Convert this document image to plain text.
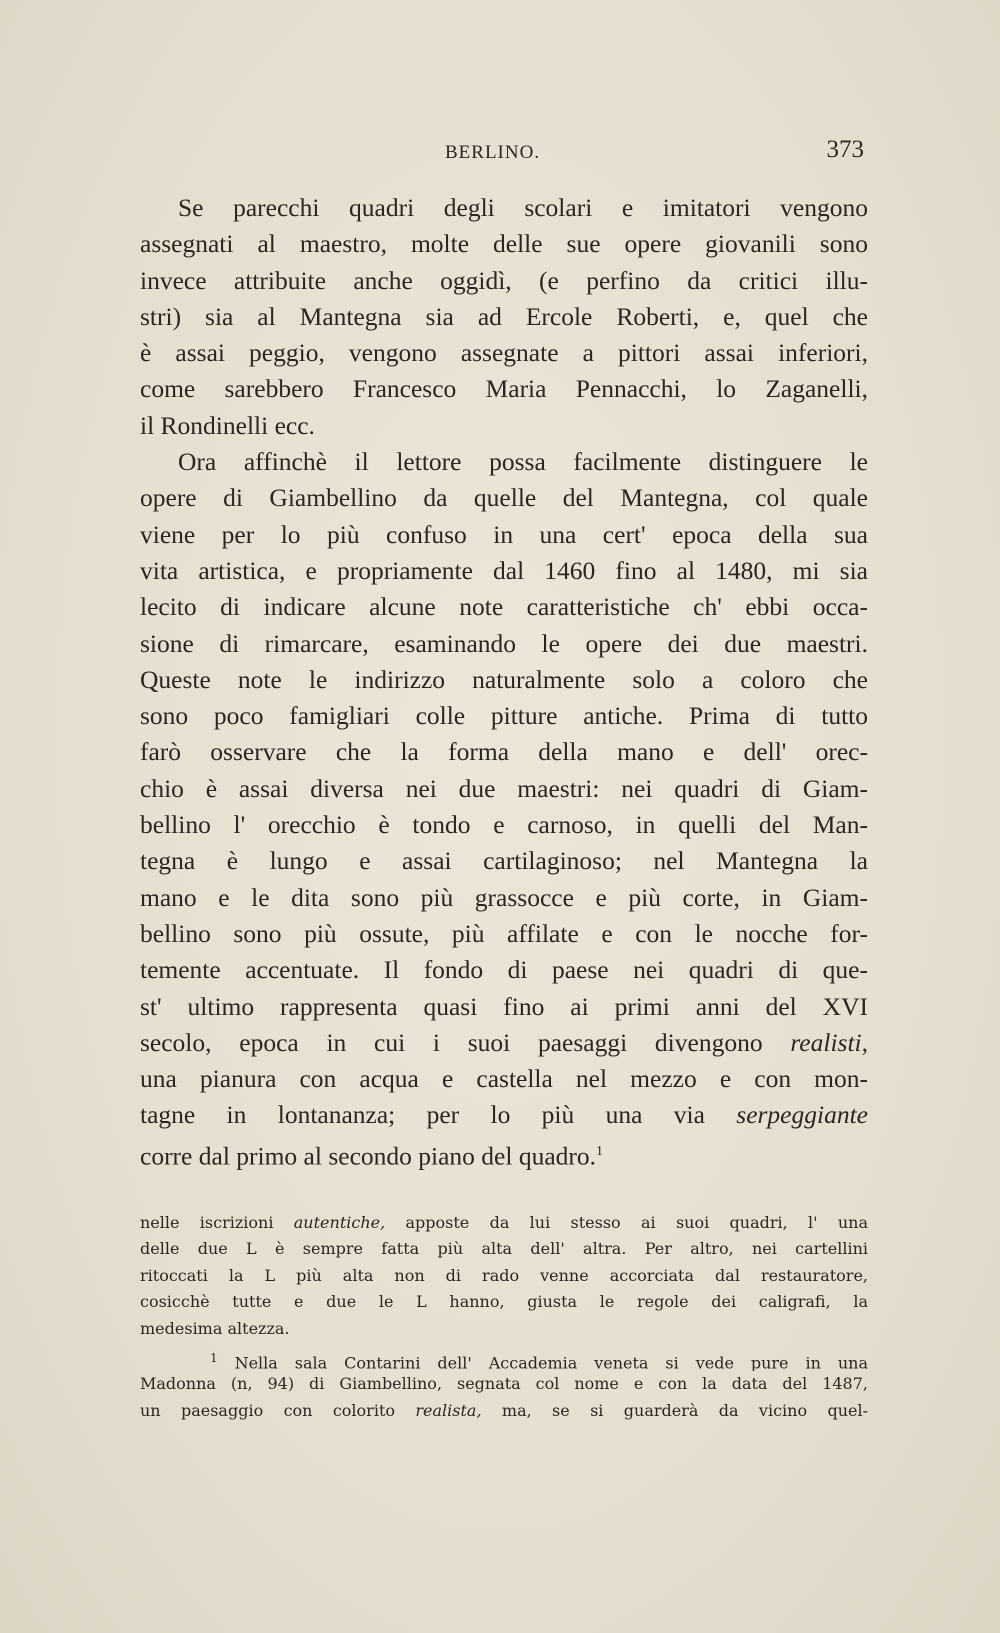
BERLINO.	373
Se parecchi quadri degli scolari e imitatori vengono
assegnati al maestro, molte delle sue opere giovanili sono
invece attribuite anche oggidì, (e perfino da critici illu-
stri) sia al Mantegna sia ad Ercole Roberti, e, quel che
è assai peggio, vengono assegnate a pittori assai inferiori,
come sarebbero Francesco Maria Pennacchi, lo Zaganelli,
il Rondinelli ecc.
Ora affinchè il lettore possa facilmente distinguere le
opere di Giambellino da quelle del Mantegna, col quale
viene per lo più confuso in una cert' epoca della sua
vita artistica, e propriamente dal 1460 fino al 1480, mi sia
lecito di indicare alcune note caratteristiche ch' ebbi occa-
sione di rimarcare, esaminando le opere dei due maestri.
Queste note le indirizzo naturalmente solo a coloro che
sono poco famigliari colle pitture antiche. Prima di tutto
farò osservare che la forma della mano e dell' orec-
chio è assai diversa nei due maestri: nei quadri di Giam-
bellino l' orecchio è tondo e carnoso, in quelli del Man-
tegna è lungo e assai cartilaginoso; nel Mantegna la
mano e le dita sono più grassocce e più corte, in Giam-
bellino sono più ossute, più affilate e con le nocche for-
temente accentuate. Il fondo di paese nei quadri di que-
st' ultimo rappresenta quasi fino ai primi anni del XVI
secolo, epoca in cui i suoi paesaggi divengono realisti,
una pianura con acqua e castella nel mezzo e con mon-
tagne in lontananza; per lo più una via serpeggiante
corre dal primo al secondo piano del quadro.$^1$
nelle iscrizioni autentiche, apposte da lui stesso ai suoi quadri, l' una
delle due L è sempre fatta più alta dell' altra. Per altro, nei cartellini
ritoccati la L più alta non di rado venne accorciata dal restauratore,
cosicchè tutte e due le L hanno, giusta le regole dei caligrafi, la
medesima altezza.
$^1$ Nella sala Contarini dell' Accademia veneta si vede pure in una
Madonna (n, 94) di Giambellino, segnata col nome e con la data del 1487,
un paesaggio con colorito realista, ma, se si guarderà da vicino quel-
